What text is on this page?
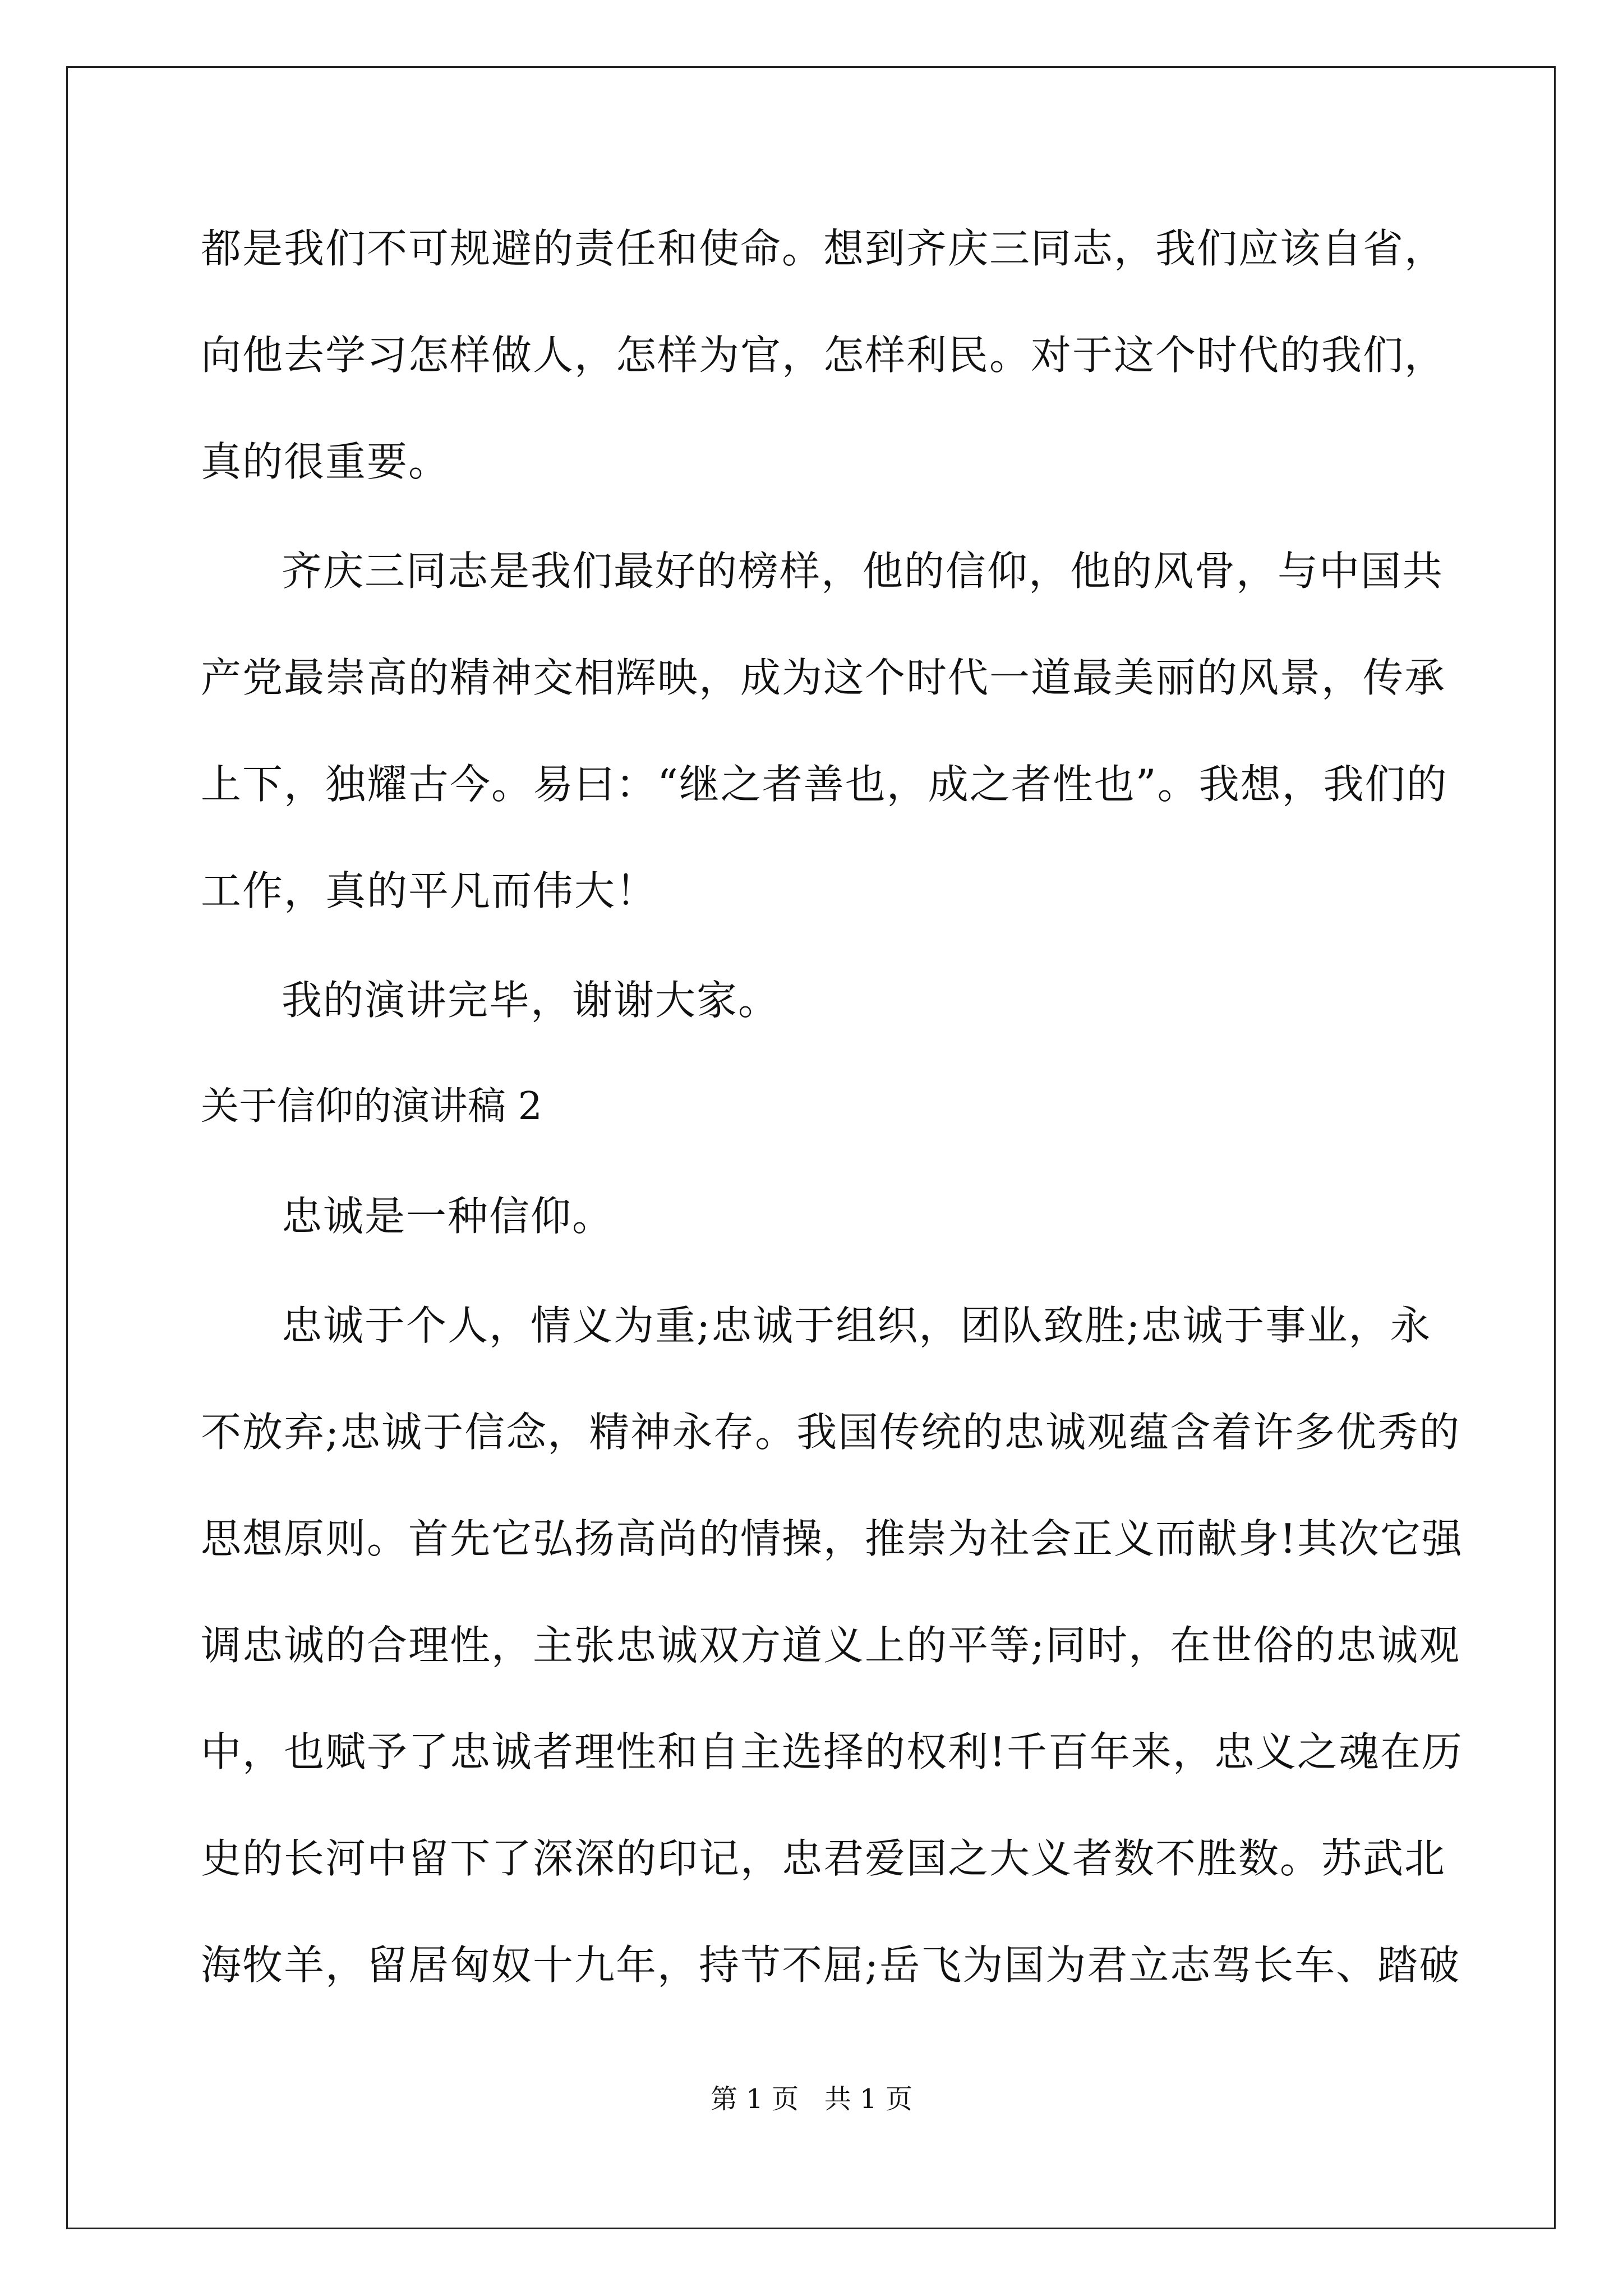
都是我们不可规避的责任和使命。想到齐庆三同志，我们应该自省，
向他去学习怎样做人，怎样为官，怎样利民。对于这个时代的我们，
真的很重要。
齐庆三同志是我们最好的榜样，他的信仰，他的风骨，与中国共
产党最崇高的精神交相辉映，成为这个时代一道最美丽的风景，传承
上下，独耀古今。易曰：“继之者善也，成之者性也”。我想，我们的
工作，真的平凡而伟大！
我的演讲完毕，谢谢大家。
关于信仰的演讲稿 2
忠诚是一种信仰。
忠诚于个人，情义为重;忠诚于组织，团队致胜;忠诚于事业，永
不放弃;忠诚于信念，精神永存。我国传统的忠诚观蕴含着许多优秀的
思想原则。首先它弘扬高尚的情操，推崇为社会正义而献身!其次它强
调忠诚的合理性，主张忠诚双方道义上的平等;同时，在世俗的忠诚观
中，也赋予了忠诚者理性和自主选择的权利!千百年来，忠义之魂在历
史的长河中留下了深深的印记，忠君爱国之大义者数不胜数。苏武北
海牧羊，留居匈奴十九年，持节不屈;岳飞为国为君立志驾长车、踏破
第 1 页 共 1 页
